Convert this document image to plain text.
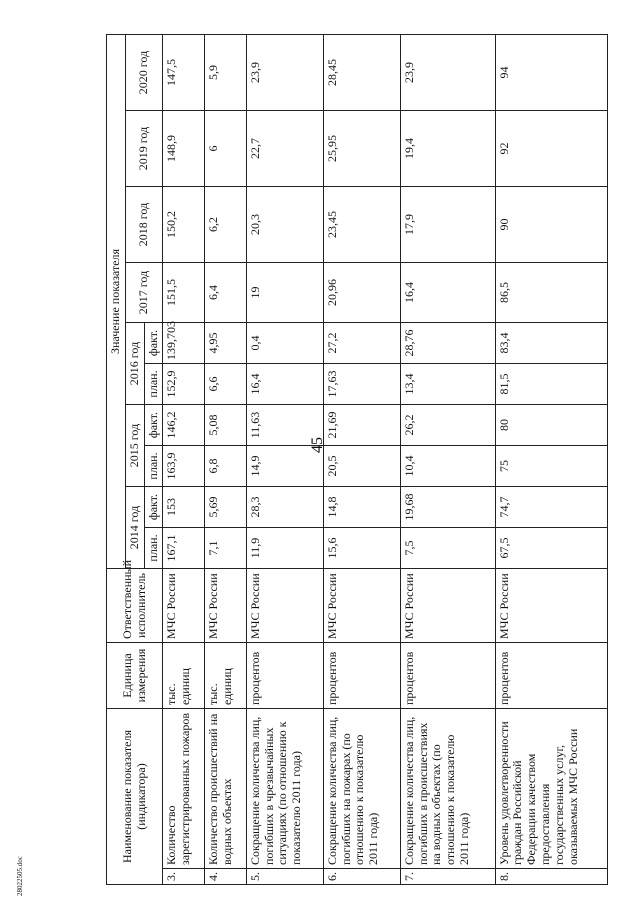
45
28022505.doc
Наименование показателя (индикатора)		Единица измерения	Ответственный исполнитель	Значение показателя									
				2014 год		2015 год		2016 год		2017 год	2018 год	2019 год	2020 год
				план.	факт.	план.	факт.	план.	факт.				
3.	Количество зарегистрированных пожаров	тыс. единиц	МЧС России	167,1	153	163,9	146,2	152,9	139,703	151,5	150,2	148,9	147,5
4.	Количество происшествий на водных объектах	тыс. единиц	МЧС России	7,1	5,69	6,8	5,08	6,6	4,95	6,4	6,2	6	5,9
5.	Сокращение количества лиц, погибших в чрезвычайных ситуациях (по отношению к показателю 2011 года)	процентов	МЧС России	11,9	28,3	14,9	11,63	16,4	0,4	19	20,3	22,7	23,9
6.	Сокращение количества лиц, погибших на пожарах (по отношению к показателю 2011 года)	процентов	МЧС России	15,6	14,8	20,5	21,69	17,63	27,2	20,96	23,45	25,95	28,45
7.	Сокращение количества лиц, погибших в происшествиях на водных объектах (по отношению к показателю 2011 года)	процентов	МЧС России	7,5	19,68	10,4	26,2	13,4	28,76	16,4	17,9	19,4	23,9
8.	Уровень удовлетворенности граждан Российской Федерации качеством предоставления государственных услуг, оказываемых МЧС России	процентов	МЧС России	67,5	74,7	75	80	81,5	83,4	86,5	90	92	94
